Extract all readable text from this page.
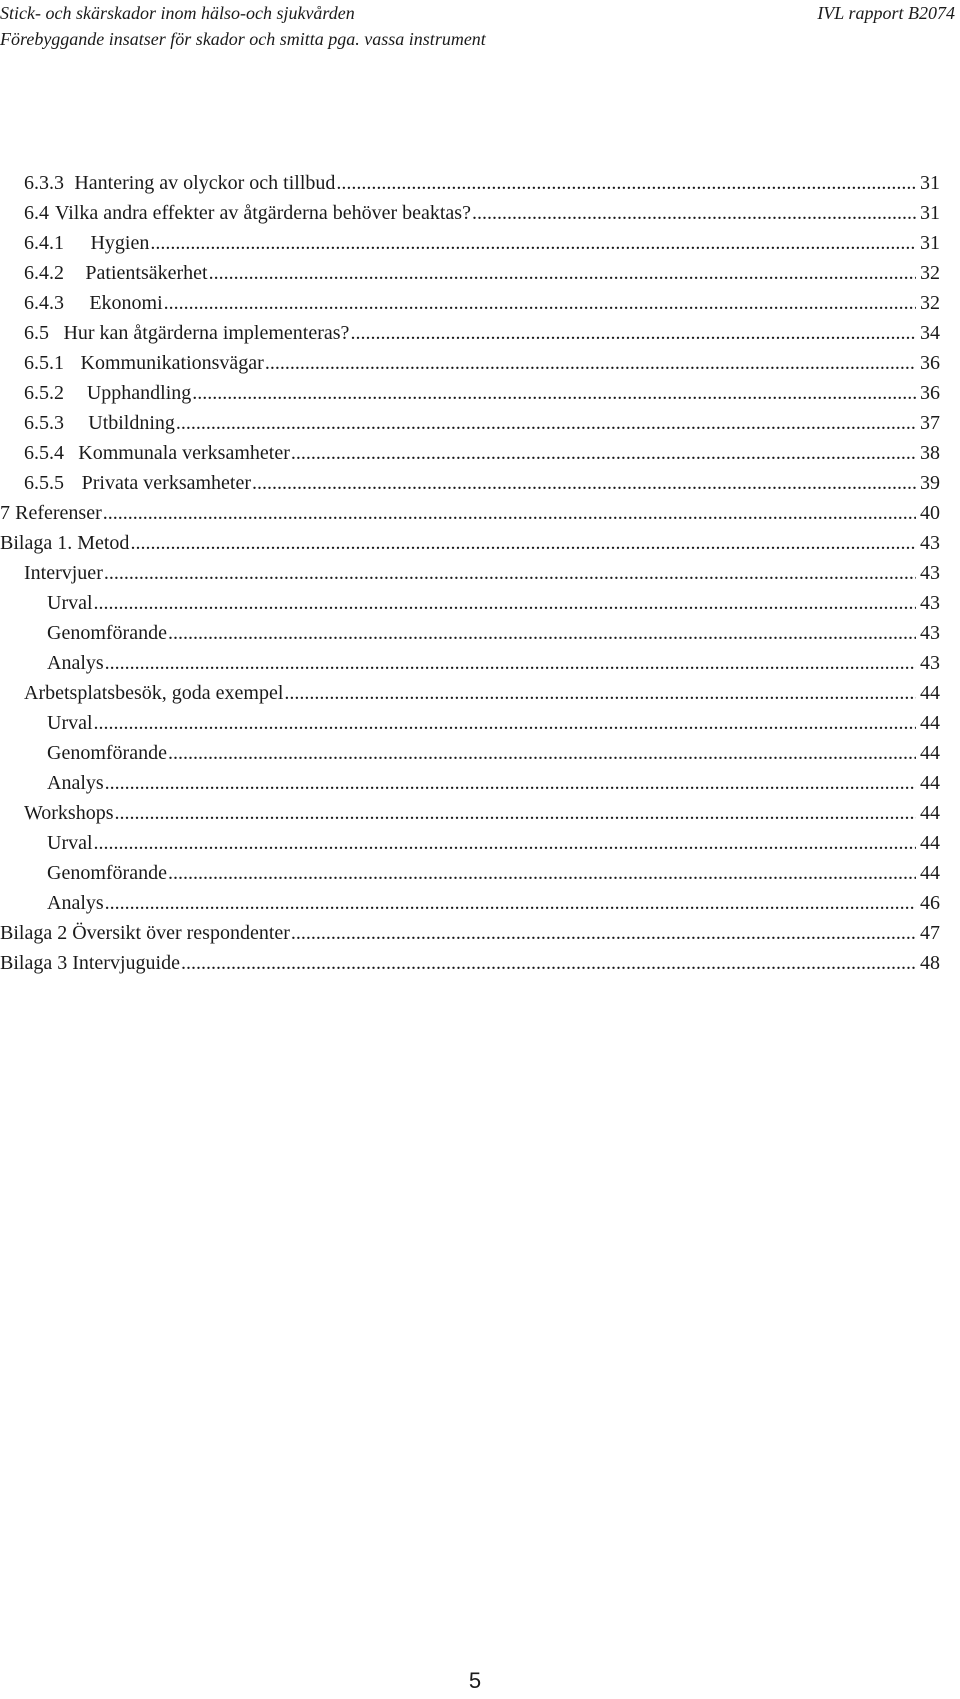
Stick- och skärskador inom hälso-och sjukvården
Förebyggande insatser för skador och smitta pga. vassa instrument
IVL rapport B2074
6.3.3 Hantering av olyckor och tillbud .....	31
6.4 Vilka andra effekter av åtgärderna behöver beaktas? .....	31
6.4.1	Hygien .....	31
6.4.2	Patientsäkerhet .....	32
6.4.3	Ekonomi .....	32
6.5 Hur kan åtgärderna implementeras? .....	34
6.5.1 Kommunikationsvägar .....	36
6.5.2	Upphandling .....	36
6.5.3	Utbildning .....	37
6.5.4 Kommunala verksamheter .....	38
6.5.5 Privata verksamheter .....	39
7 Referenser .....	40
Bilaga 1. Metod .....	43
Intervjuer .....	43
Urval .....	43
Genomförande .....	43
Analys .....	43
Arbetsplatsbesök, goda exempel .....	44
Urval .....	44
Genomförande .....	44
Analys .....	44
Workshops .....	44
Urval .....	44
Genomförande .....	44
Analys .....	46
Bilaga 2 Översikt över respondenter .....	47
Bilaga 3 Intervjuguide .....	48
5
